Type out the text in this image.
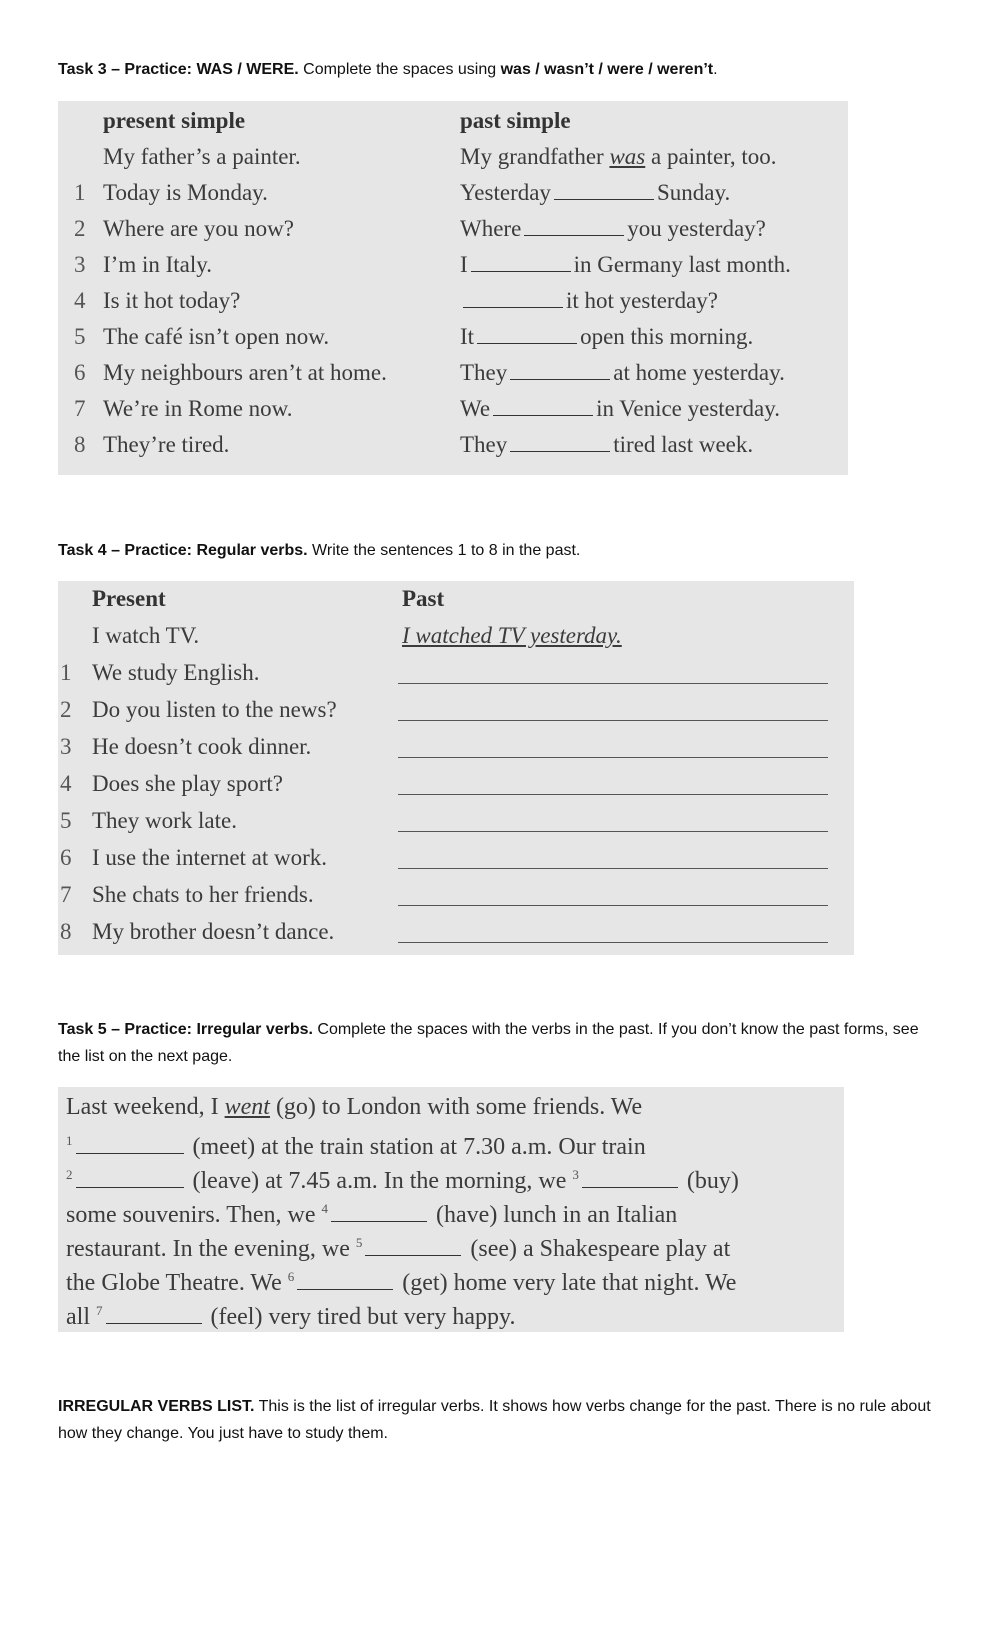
Task 3 – Practice: WAS / WERE. Complete the spaces using was / wasn’t / were / weren’t.
present simple	past simple
My father’s a painter.	My grandfather was a painter, too.
1 Today is Monday.	Yesterday	Sunday.
2 Where are you now?	Where	you yesterday?
3 I’m in Italy.	I	in Germany last month.
4 Is it hot today?	it hot yesterday?
5 The café isn’t open now.	It	open this morning.
6 My neighbours aren’t at home.	They	at home yesterday.
7 We’re in Rome now.	We	in Venice yesterday.
8 They’re tired.	They	tired last week.
Task 4 – Practice: Regular verbs. Write the sentences 1 to 8 in the past.
Present	Past
I watch TV.	I watched TV yesterday.
1 We study English.
2 Do you listen to the news?
3 He doesn’t cook dinner.
4 Does she play sport?
5 They work late.
6 I use the internet at work.
7 She chats to her friends.
8 My brother doesn’t dance.
Task 5 – Practice: Irregular verbs. Complete the spaces with the verbs in the past. If you don’t know the past forms, see the list on the next page.
Last weekend, I went (go) to London with some friends. We
$^1$	(meet) at the train station at 7.30 a.m. Our train
$^2$	(leave) at 7.45 a.m. In the morning, we $^3$	(buy)
some souvenirs. Then, we $^4$	(have) lunch in an Italian
restaurant. In the evening, we $^5$	(see) a Shakespeare play at
the Globe Theatre. We $^6$	(get) home very late that night. We
all $^7$	(feel) very tired but very happy.
IRREGULAR VERBS LIST. This is the list of irregular verbs. It shows how verbs change for the past. There is no rule about how they change. You just have to study them.
